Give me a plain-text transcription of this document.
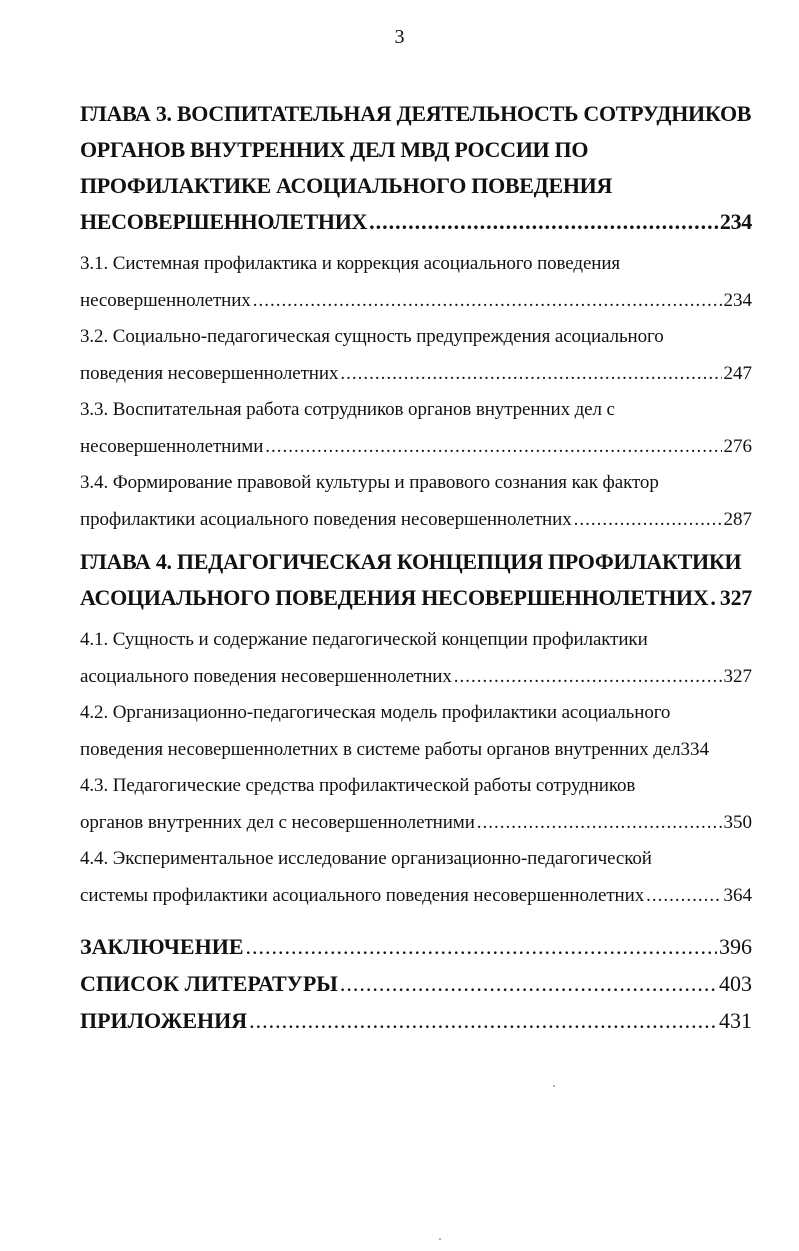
3
ГЛАВА 3. ВОСПИТАТЕЛЬНАЯ ДЕЯТЕЛЬНОСТЬ СОТРУДНИКОВ
ОРГАНОВ ВНУТРЕННИХ ДЕЛ МВД РОССИИ ПО
ПРОФИЛАКТИКЕ АСОЦИАЛЬНОГО ПОВЕДЕНИЯ
НЕСОВЕРШЕННОЛЕТНИХ .....	234
3.1. Системная профилактика и коррекция асоциального поведения
несовершеннолетних .....	234
3.2. Социально-педагогическая сущность предупреждения асоциального
поведения несовершеннолетних .....	247
3.3. Воспитательная работа сотрудников органов внутренних дел с
несовершеннолетними .....	276
3.4. Формирование правовой культуры и правового сознания как фактор
профилактики асоциального поведения несовершеннолетних .....	287
ГЛАВА 4. ПЕДАГОГИЧЕСКАЯ КОНЦЕПЦИЯ ПРОФИЛАКТИКИ
АСОЦИАЛЬНОГО ПОВЕДЕНИЯ НЕСОВЕРШЕННОЛЕТНИХ ..... 327
4.1. Сущность и содержание педагогической концепции профилактики
асоциального поведения несовершеннолетних .....	327
4.2. Организационно-педагогическая модель профилактики асоциального
поведения несовершеннолетних в системе работы органов внутренних дел 334
4.3. Педагогические средства профилактической работы сотрудников
органов внутренних дел с несовершеннолетними .....	350
4.4. Экспериментальное исследование организационно-педагогической
системы профилактики асоциального поведения несовершеннолетних .....	364
ЗАКЛЮЧЕНИЕ .....	396
СПИСОК ЛИТЕРАТУРЫ .....	403
ПРИЛОЖЕНИЯ .....	431
